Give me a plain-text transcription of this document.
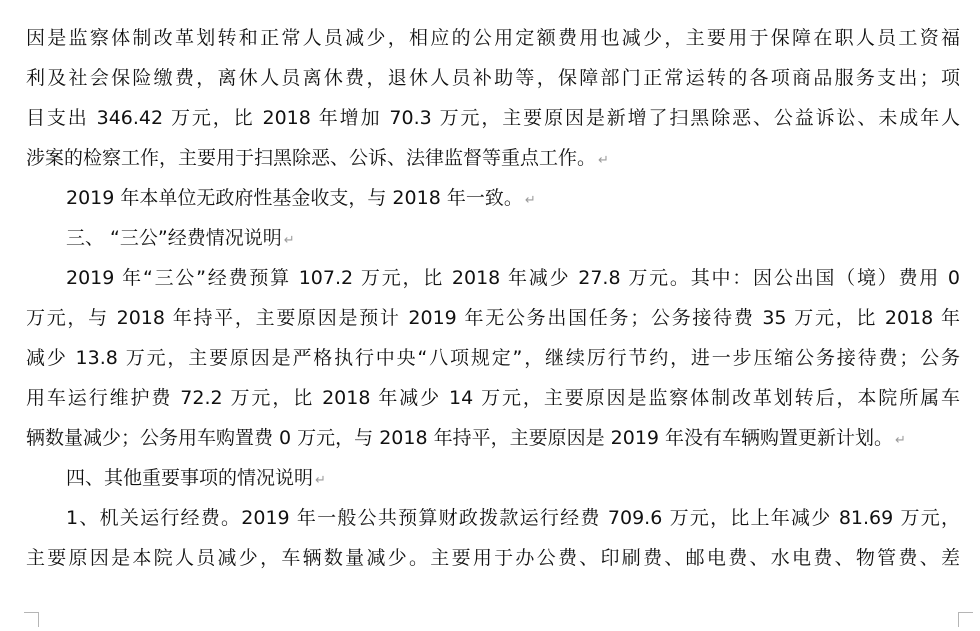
因是监察体制改革划转和正常人员减少，相应的公用定额费用也减少，主要用于保障在职人员工资福
利及社会保险缴费，离休人员离休费，退休人员补助等，保障部门正常运转的各项商品服务支出；项
目支出 346.42 万元，比 2018 年增加 70.3 万元，主要原因是新增了扫黑除恶、公益诉讼、未成年人
涉案的检察工作，主要用于扫黑除恶、公诉、法律监督等重点工作。 ↵
2019 年本单位无政府性基金收支，与 2018 年一致。 ↵
三、 “三公”经费情况说明 ↵
2019 年“三公”经费预算 107.2 万元，比 2018 年减少 27.8 万元。其中：因公出国（境）费用 0
万元，与 2018 年持平，主要原因是预计 2019 年无公务出国任务；公务接待费 35 万元，比 2018 年
减少 13.8 万元，主要原因是严格执行中央“八项规定”，继续厉行节约，进一步压缩公务接待费；公务
用车运行维护费 72.2 万元，比 2018 年减少 14 万元，主要原因是监察体制改革划转后，本院所属车
辆数量减少；公务用车购置费 0 万元，与 2018 年持平，主要原因是 2019 年没有车辆购置更新计划。 ↵
四、其他重要事项的情况说明 ↵
1、机关运行经费。2019 年一般公共预算财政拨款运行经费 709.6 万元，比上年减少 81.69 万元，
主要原因是本院人员减少，车辆数量减少。主要用于办公费、印刷费、邮电费、水电费、物管费、差
